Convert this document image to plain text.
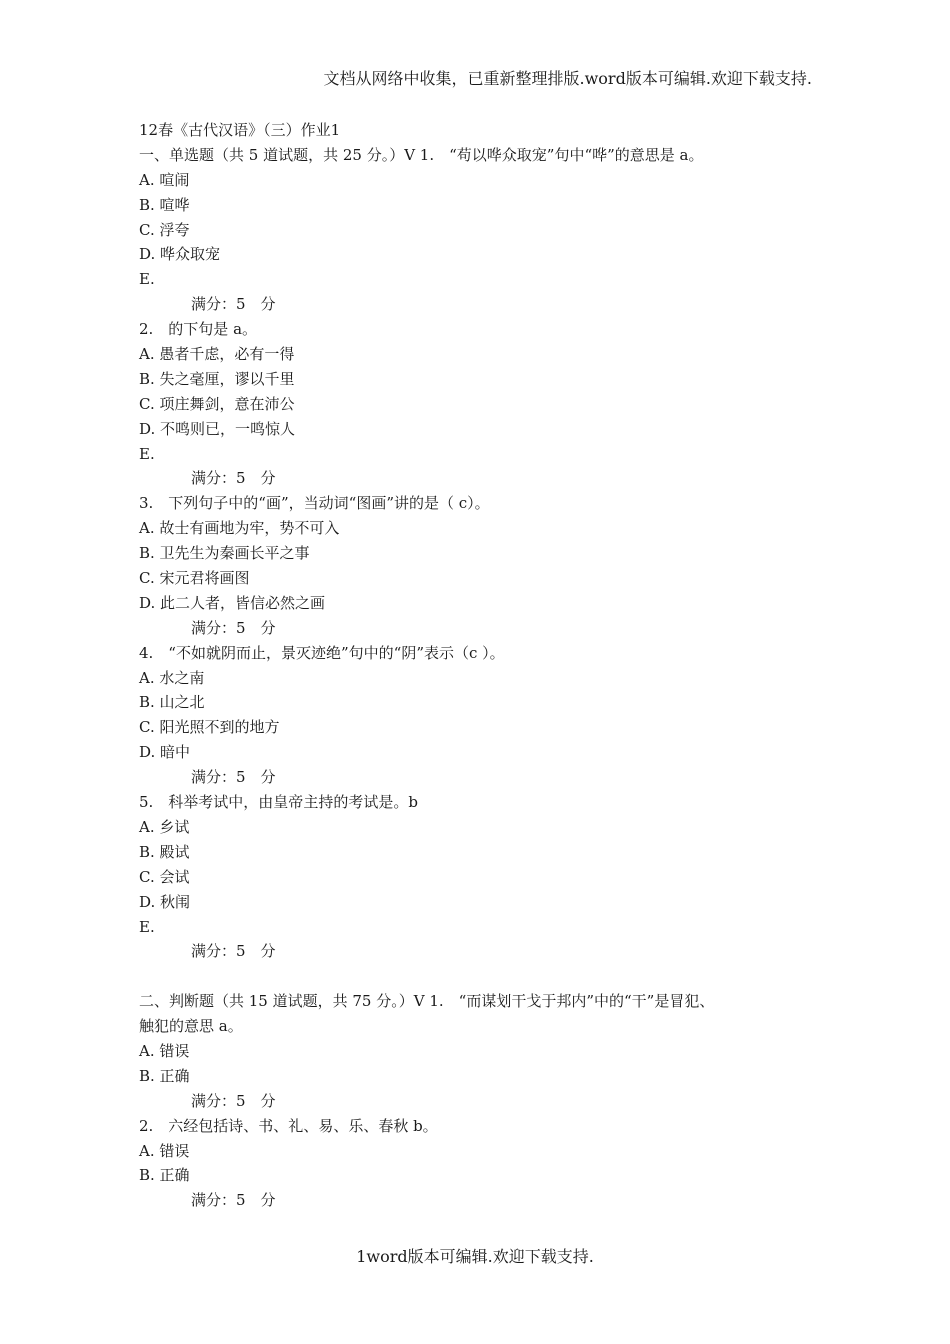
文档从网络中收集，已重新整理排版.word版本可编辑.欢迎下载支持.
12春《古代汉语》（三）作业1
一、单选题（共 5 道试题，共 25 分。）V 1.　“苟以哗众取宠”句中“哗”的意思是 a。
A. 喧闹
B. 喧哗
C. 浮夸
D. 哗众取宠
E.
满分：5　分
2.　的下句是 a。
A. 愚者千虑，必有一得
B. 失之毫厘，谬以千里
C. 项庄舞剑，意在沛公
D. 不鸣则已，一鸣惊人
E.
满分：5　分
3.　下列句子中的“画”，当动词“图画”讲的是（ c）。
A. 故士有画地为牢，势不可入
B. 卫先生为秦画长平之事
C. 宋元君将画图
D. 此二人者，皆信必然之画
满分：5　分
4.　“不如就阴而止，景灭迹绝”句中的“阴”表示（c ）。
A. 水之南
B. 山之北
C. 阳光照不到的地方
D. 暗中
满分：5　分
5.　科举考试中，由皇帝主持的考试是。b
A. 乡试
B. 殿试
C. 会试
D. 秋闱
E.
满分：5　分
二、判断题（共 15 道试题，共 75 分。）V 1.　“而谋划干戈于邦内”中的“干”是冒犯、
触犯的意思 a。
A. 错误
B. 正确
满分：5　分
2.　六经包括诗、书、礼、易、乐、春秋 b。
A. 错误
B. 正确
满分：5　分
1word版本可编辑.欢迎下载支持.
